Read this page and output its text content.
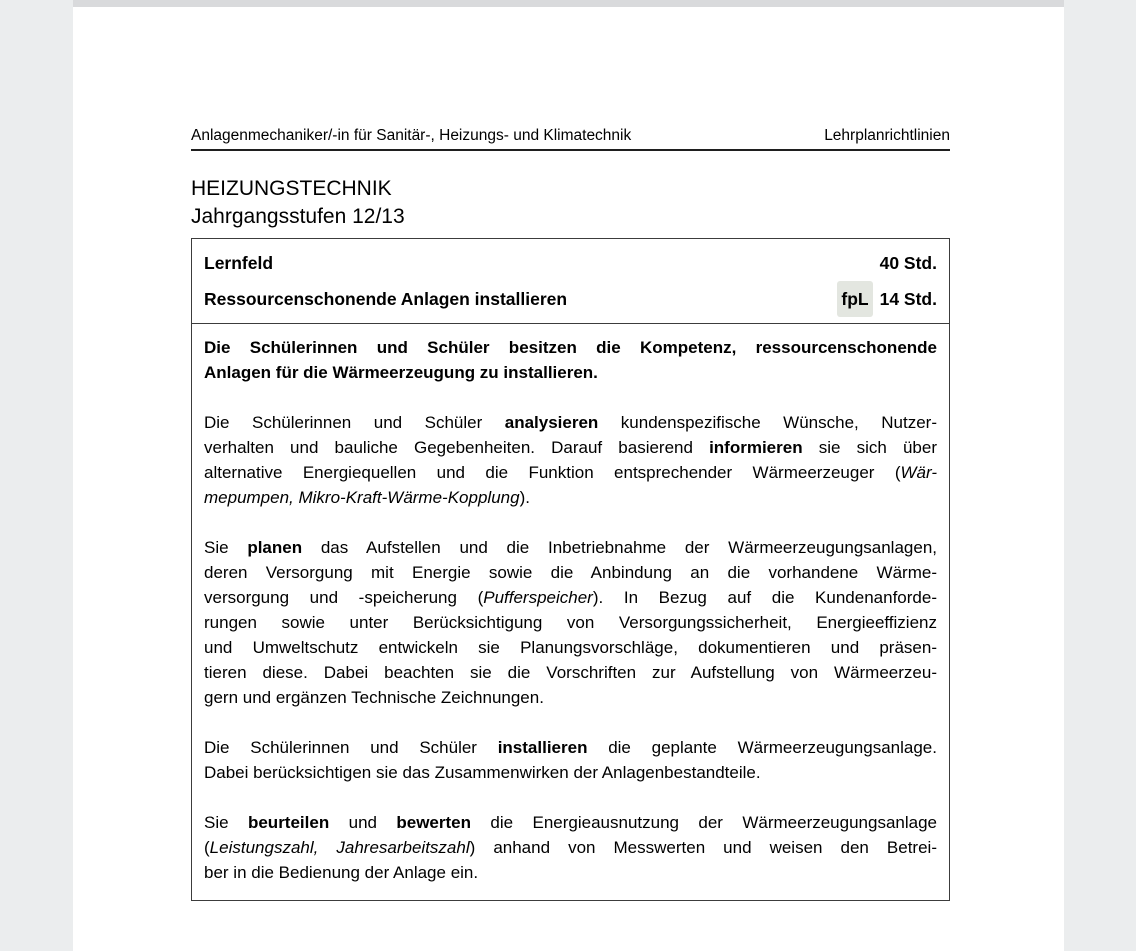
Anlagenmechaniker/-in für Sanitär-, Heizungs- und Klimatechnik	Lehrplanrichtlinien
HEIZUNGSTECHNIK
Jahrgangsstufen 12/13
Lernfeld	40 Std.
Ressourcenschonende Anlagen installieren	fpL 14 Std.
Die Schülerinnen und Schüler besitzen die Kompetenz, ressourcenschonende
Anlagen für die Wärmeerzeugung zu installieren.
Die Schülerinnen und Schüler analysieren kundenspezifische Wünsche, Nutzer-
verhalten und bauliche Gegebenheiten. Darauf basierend informieren sie sich über
alternative Energiequellen und die Funktion entsprechender Wärmeerzeuger (Wär-
mepumpen, Mikro-Kraft-Wärme-Kopplung).
Sie planen das Aufstellen und die Inbetriebnahme der Wärmeerzeugungsanlagen,
deren Versorgung mit Energie sowie die Anbindung an die vorhandene Wärme-
versorgung und -speicherung (Pufferspeicher). In Bezug auf die Kundenanforde-
rungen sowie unter Berücksichtigung von Versorgungssicherheit, Energieeffizienz
und Umweltschutz entwickeln sie Planungsvorschläge, dokumentieren und präsen-
tieren diese. Dabei beachten sie die Vorschriften zur Aufstellung von Wärmeerzeu-
gern und ergänzen Technische Zeichnungen.
Die Schülerinnen und Schüler installieren die geplante Wärmeerzeugungsanlage.
Dabei berücksichtigen sie das Zusammenwirken der Anlagenbestandteile.
Sie beurteilen und bewerten die Energieausnutzung der Wärmeerzeugungsanlage
(Leistungszahl, Jahresarbeitszahl) anhand von Messwerten und weisen den Betrei-
ber in die Bedienung der Anlage ein.
